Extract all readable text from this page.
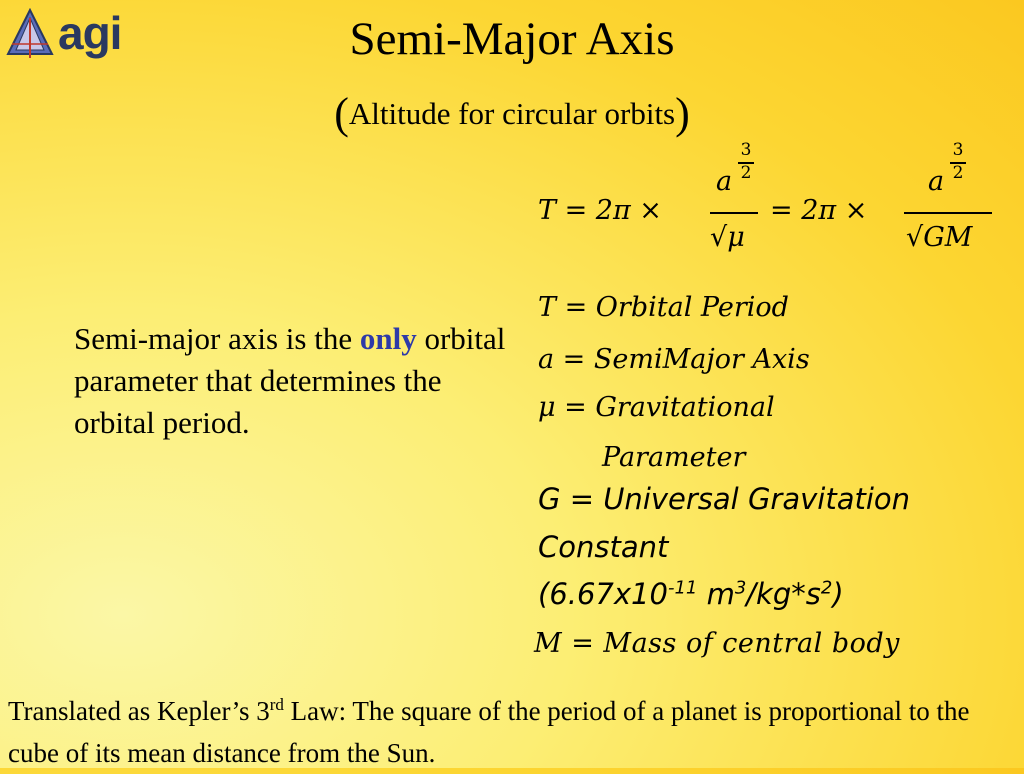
agi	Semi-Major Axis
(Altitude for circular orbits)
T = 2π ×
a
3
2
√μ
= 2π ×
a
3
2
√GM
Semi-major axis is the only orbital parameter that determines the orbital period.
T = Orbital Period
a = SemiMajor Axis
μ = Gravitational
Parameter
G = Universal Gravitation
Constant
($6.67x10^{-11}$ $m^3/kg*s^2$)
M = Mass of central body
Translated as Kepler’s 3rd Law: The square of the period of a planet is proportional to the cube of its mean distance from the Sun.
